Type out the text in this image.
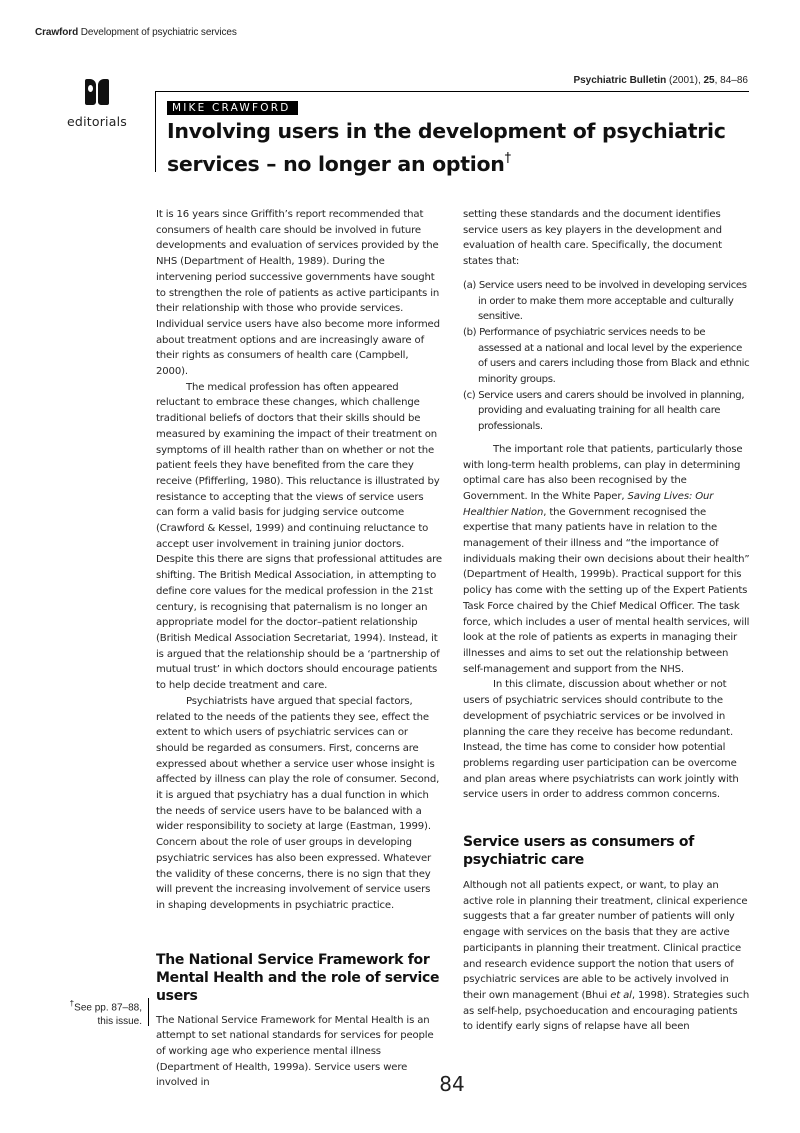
Crawford Development of psychiatric services
editorials
Psychiatric Bulletin (2001), 25, 84–86
MIKE CRAWFORD
Involving users in the development of psychiatric services – no longer an option†

It is 16 years since Griffith’s report recommended that consumers of health care should be involved in future developments and evaluation of services provided by the NHS (Department of Health, 1989). During the intervening period successive governments have sought to strengthen the role of patients as active participants in their relationship with those who provide services. Individual service users have also become more informed about treatment options and are increasingly aware of their rights as consumers of health care (Campbell, 2000).

The medical profession has often appeared reluctant to embrace these changes, which challenge traditional beliefs of doctors that their skills should be measured by examining the impact of their treatment on symptoms of ill health rather than on whether or not the patient feels they have benefited from the care they receive (Pfifferling, 1980). This reluctance is illustrated by resistance to accepting that the views of service users can form a valid basis for judging service outcome (Crawford & Kessel, 1999) and continuing reluctance to accept user involvement in training junior doctors. Despite this there are signs that professional attitudes are shifting. The British Medical Association, in attempting to define core values for the medical profession in the 21st century, is recognising that paternalism is no longer an appropriate model for the doctor–patient relationship (British Medical Association Secretariat, 1994). Instead, it is argued that the relationship should be a ‘partnership of mutual trust’ in which doctors should encourage patients to help decide treatment and care.

Psychiatrists have argued that special factors, related to the needs of the patients they see, effect the extent to which users of psychiatric services can or should be regarded as consumers. First, concerns are expressed about whether a service user whose insight is affected by illness can play the role of consumer. Second, it is argued that psychiatry has a dual function in which the needs of service users have to be balanced with a wider responsibility to society at large (Eastman, 1999). Concern about the role of user groups in developing psychiatric services has also been expressed. Whatever the validity of these concerns, there is no sign that they will prevent the increasing involvement of service users in shaping developments in psychiatric practice.

The National Service Framework for Mental Health and the role of service users

The National Service Framework for Mental Health is an attempt to set national standards for services for people of working age who experience mental illness (Department of Health, 1999a). Service users were involved in

setting these standards and the document identifies service users as key players in the development and evaluation of health care. Specifically, the document states that:

(a) Service users need to be involved in developing services in order to make them more acceptable and culturally sensitive.
(b) Performance of psychiatric services needs to be assessed at a national and local level by the experience of users and carers including those from Black and ethnic minority groups.
(c) Service users and carers should be involved in planning, providing and evaluating training for all health care professionals.

The important role that patients, particularly those with long-term health problems, can play in determining optimal care has also been recognised by the Government. In the White Paper, Saving Lives: Our Healthier Nation, the Government recognised the expertise that many patients have in relation to the management of their illness and “the importance of individuals making their own decisions about their health” (Department of Health, 1999b). Practical support for this policy has come with the setting up of the Expert Patients Task Force chaired by the Chief Medical Officer. The task force, which includes a user of mental health services, will look at the role of patients as experts in managing their illnesses and aims to set out the relationship between self-management and support from the NHS.

In this climate, discussion about whether or not users of psychiatric services should contribute to the development of psychiatric services or be involved in planning the care they receive has become redundant. Instead, the time has come to consider how potential problems regarding user participation can be overcome and plan areas where psychiatrists can work jointly with service users in order to address common concerns.

Service users as consumers of psychiatric care

Although not all patients expect, or want, to play an active role in planning their treatment, clinical experience suggests that a far greater number of patients will only engage with services on the basis that they are active participants in planning their treatment. Clinical practice and research evidence support the notion that users of psychiatric services are able to be actively involved in their own management (Bhui et al, 1998). Strategies such as self-help, psychoeducation and encouraging patients to identify early signs of relapse have all been

†See pp. 87–88, this issue.
84
